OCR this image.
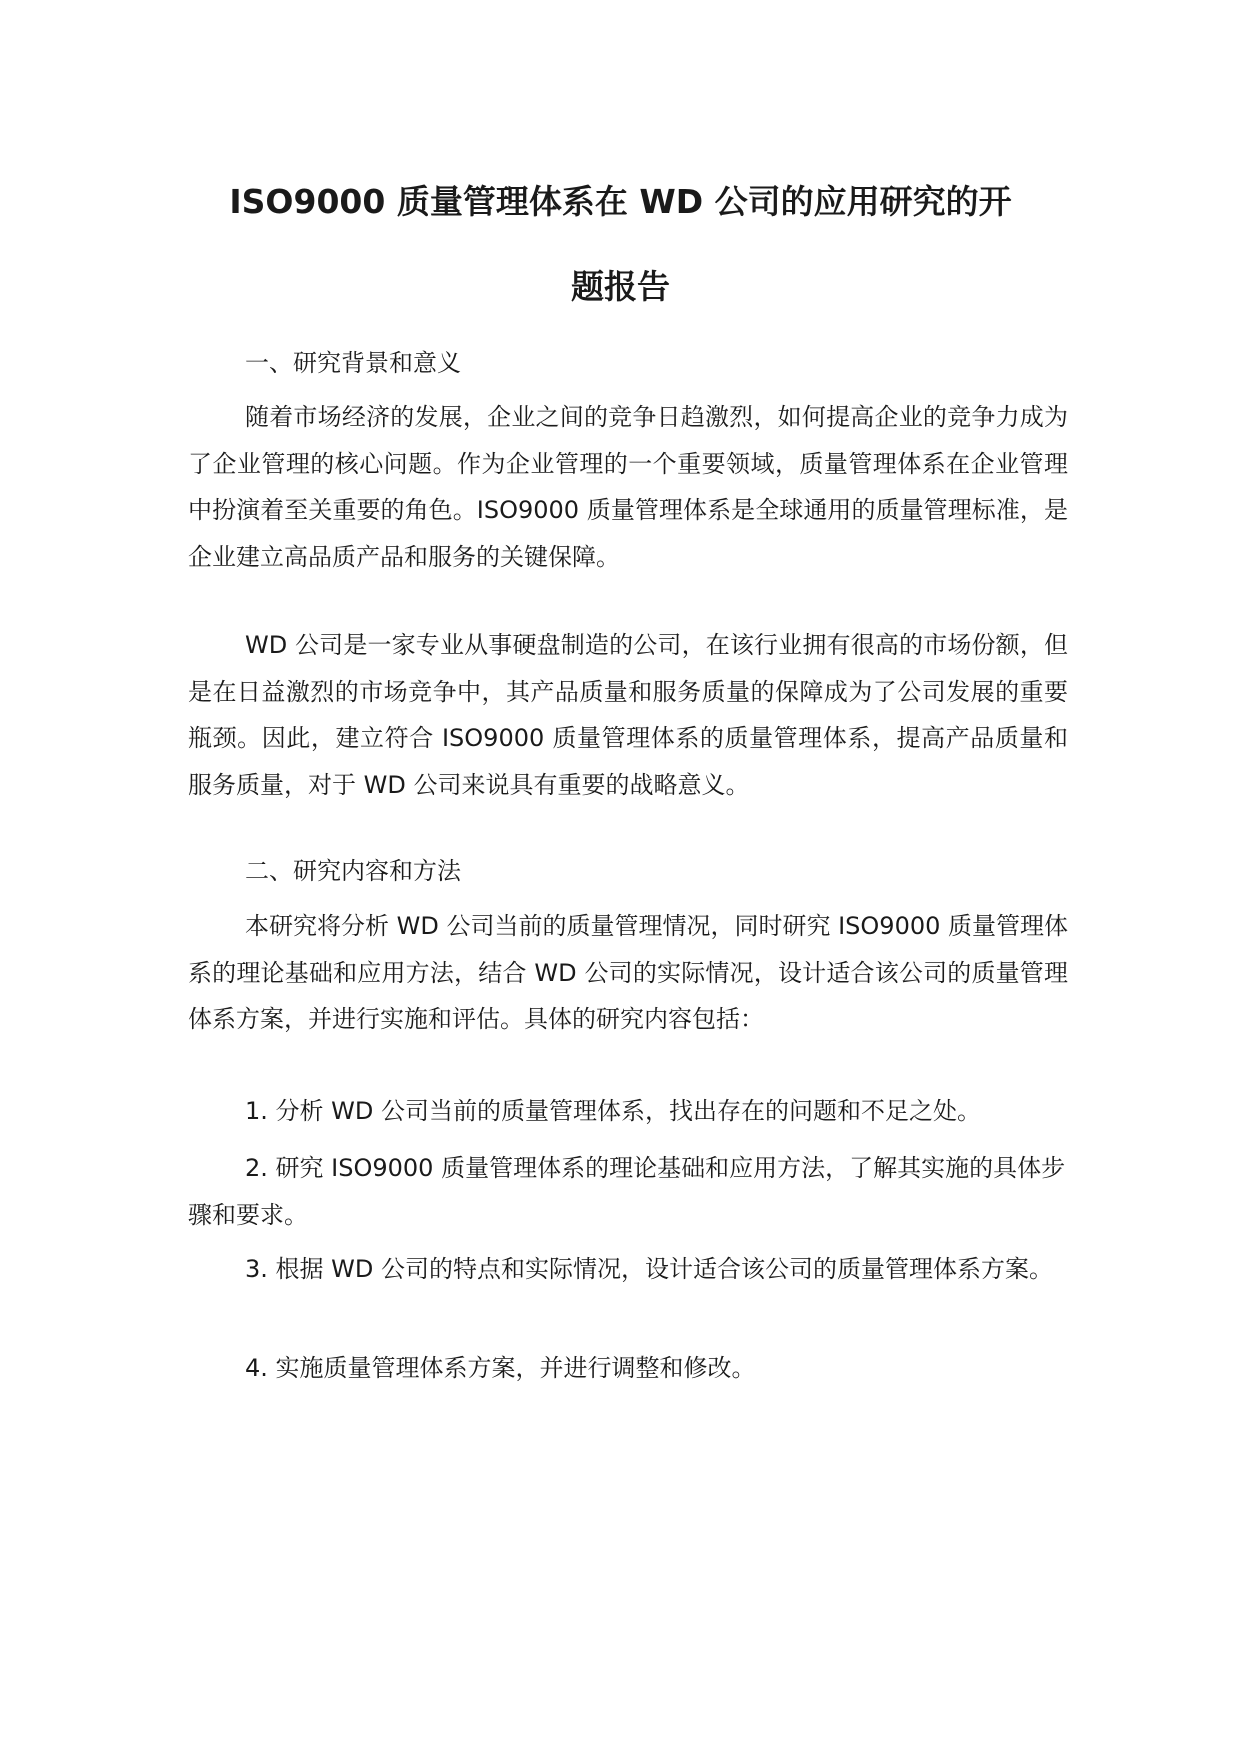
ISO9000 质量管理体系在 WD 公司的应用研究的开
题报告

一、研究背景和意义

随着市场经济的发展，企业之间的竞争日趋激烈，如何提高企业的竞争力成为了企业管理的核心问题。作为企业管理的一个重要领域，质量管理体系在企业管理中扮演着至关重要的角色。ISO9000 质量管理体系是全球通用的质量管理标准，是企业建立高品质产品和服务的关键保障。

WD 公司是一家专业从事硬盘制造的公司，在该行业拥有很高的市场份额，但是在日益激烈的市场竞争中，其产品质量和服务质量的保障成为了公司发展的重要瓶颈。因此，建立符合 ISO9000 质量管理体系的质量管理体系，提高产品质量和服务质量，对于 WD 公司来说具有重要的战略意义。

二、研究内容和方法

本研究将分析 WD 公司当前的质量管理情况，同时研究 ISO9000 质量管理体系的理论基础和应用方法，结合 WD 公司的实际情况，设计适合该公司的质量管理体系方案，并进行实施和评估。具体的研究内容包括：

1. 分析 WD 公司当前的质量管理体系，找出存在的问题和不足之处。

2. 研究 ISO9000 质量管理体系的理论基础和应用方法，了解其实施的具体步骤和要求。

3. 根据 WD 公司的特点和实际情况，设计适合该公司的质量管理体系方案。

4. 实施质量管理体系方案，并进行调整和修改。
